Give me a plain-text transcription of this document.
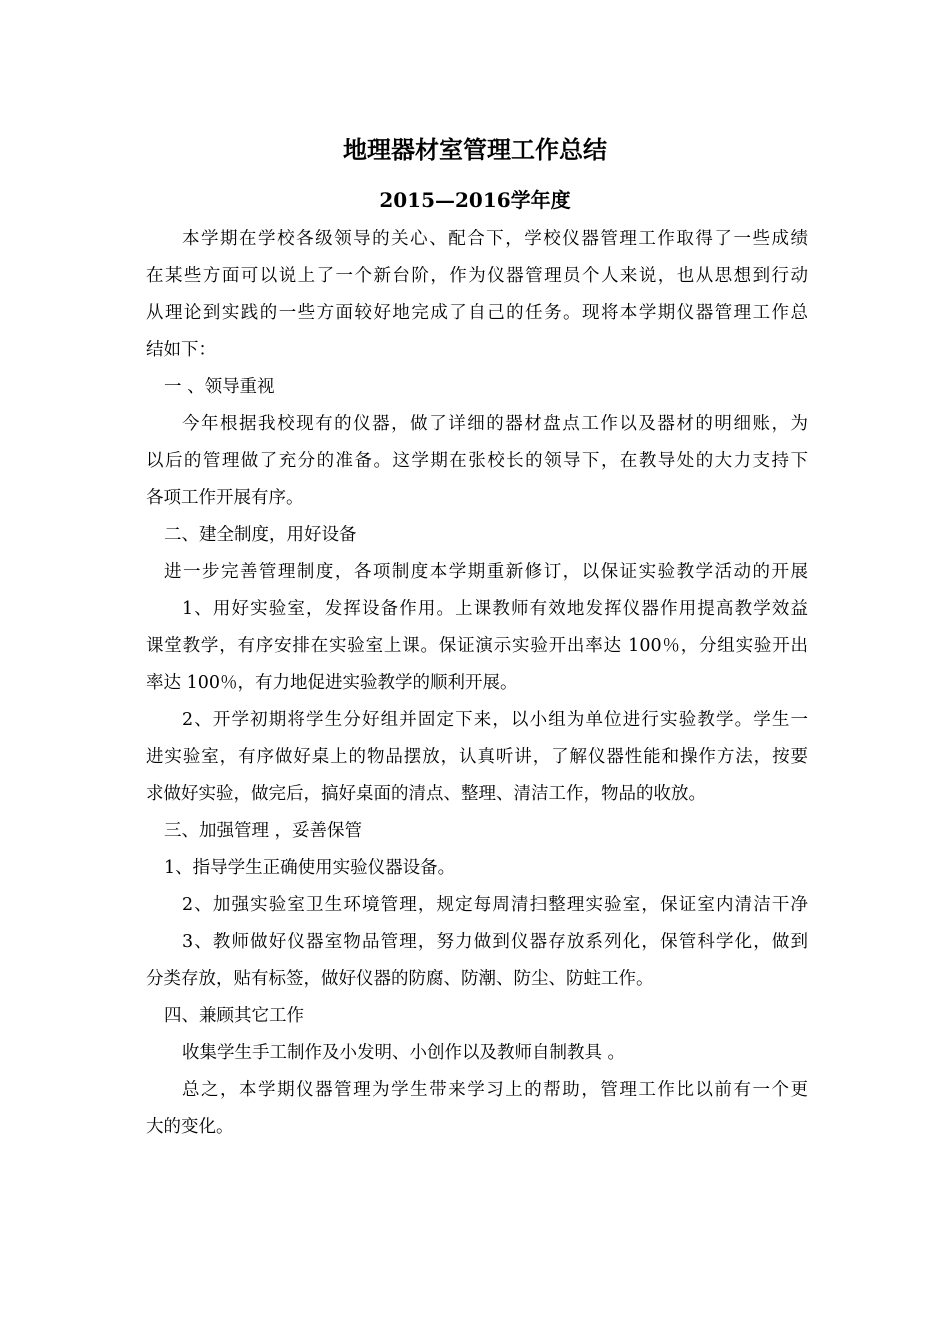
地理器材室管理工作总结
2015—2016学年度
本学期在学校各级领导的关心、配合下，学校仪器管理工作取得了一些成绩
在某些方面可以说上了一个新台阶，作为仪器管理员个人来说，也从思想到行动
从理论到实践的一些方面较好地完成了自己的任务。现将本学期仪器管理工作总
结如下：
一 、领导重视
今年根据我校现有的仪器，做了详细的器材盘点工作以及器材的明细账，为
以后的管理做了充分的准备。这学期在张校长的领导下，在教导处的大力支持下
各项工作开展有序。
二、建全制度，用好设备
进一步完善管理制度，各项制度本学期重新修订，以保证实验教学活动的开展
1、用好实验室，发挥设备作用。上课教师有效地发挥仪器作用提高教学效益
课堂教学，有序安排在实验室上课。保证演示实验开出率达 100％，分组实验开出
率达 100％，有力地促进实验教学的顺利开展。
2、开学初期将学生分好组并固定下来，以小组为单位进行实验教学。学生一
进实验室，有序做好桌上的物品摆放，认真听讲，了解仪器性能和操作方法，按要
求做好实验，做完后，搞好桌面的清点、整理、清洁工作，物品的收放。
三、加强管理 ，妥善保管
1、指导学生正确使用实验仪器设备。
2、加强实验室卫生环境管理，规定每周清扫整理实验室，保证室内清洁干净
3、教师做好仪器室物品管理，努力做到仪器存放系列化，保管科学化，做到
分类存放，贴有标签，做好仪器的防腐、防潮、防尘、防蛀工作。
四、兼顾其它工作
收集学生手工制作及小发明、小创作以及教师自制教具 。
总之，本学期仪器管理为学生带来学习上的帮助，管理工作比以前有一个更
大的变化。
